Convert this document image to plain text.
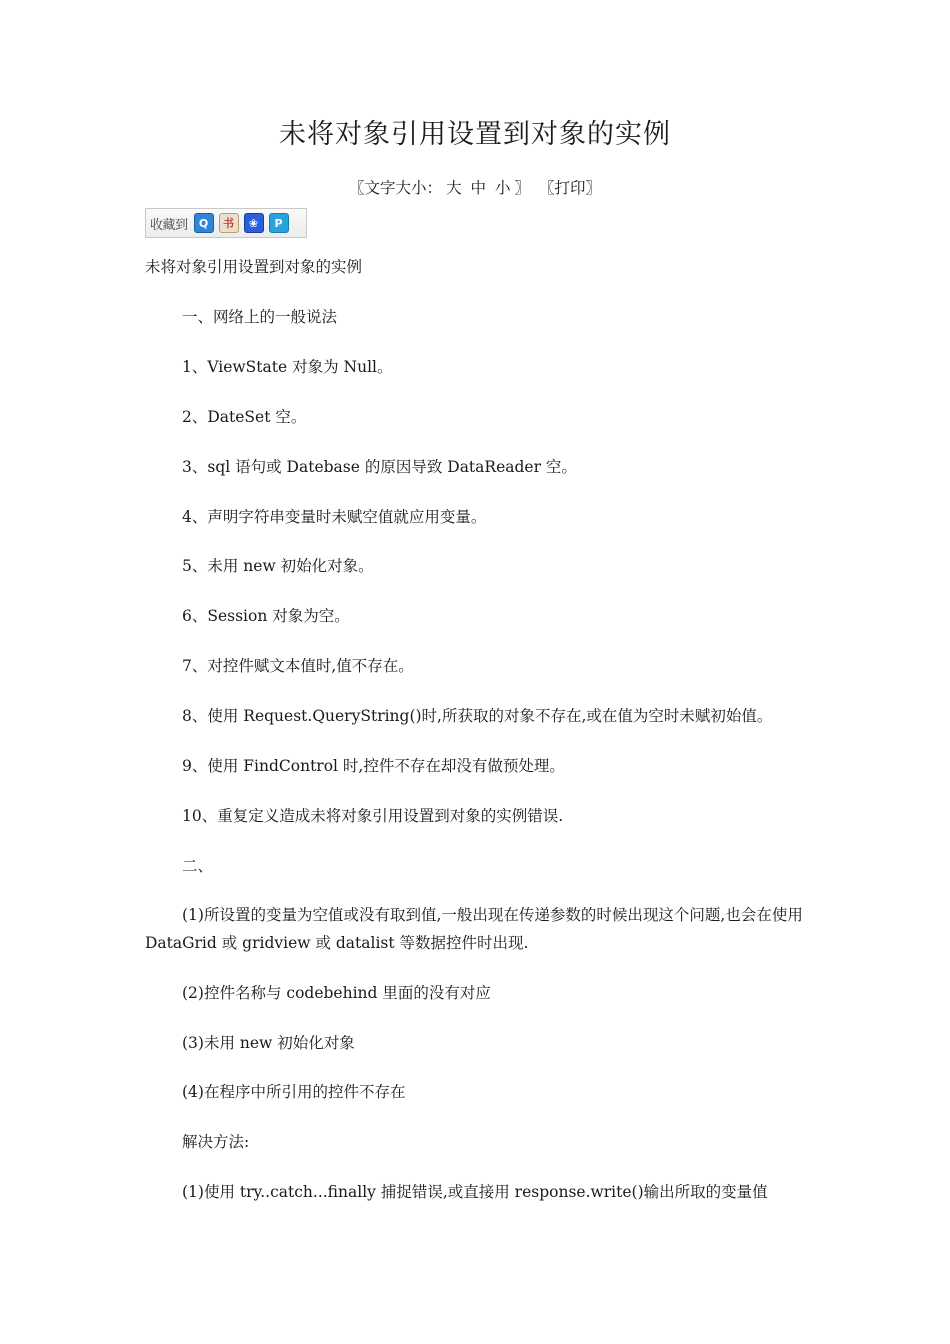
未将对象引用设置到对象的实例
〖文字大小： 大 中 小 〗 〖打印〗
收藏到	Q	书	❀	P
未将对象引用设置到对象的实例
一、网络上的一般说法
1、ViewState 对象为 Null。
2、DateSet 空。
3、sql 语句或 Datebase 的原因导致 DataReader 空。
4、声明字符串变量时未赋空值就应用变量。
5、未用 new 初始化对象。
6、Session 对象为空。
7、对控件赋文本值时,值不存在。
8、使用 Request.QueryString()时,所获取的对象不存在,或在值为空时未赋初始值。
9、使用 FindControl 时,控件不存在却没有做预处理。
10、重复定义造成未将对象引用设置到对象的实例错误.
二、
(1)所设置的变量为空值或没有取到值,一般出现在传递参数的时候出现这个问题,也会在使用 DataGrid 或 gridview 或 datalist 等数据控件时出现.
(2)控件名称与 codebehind 里面的没有对应
(3)未用 new 初始化对象
(4)在程序中所引用的控件不存在
解决方法:
(1)使用 try..catch...finally 捕捉错误,或直接用 response.write()输出所取的变量值
